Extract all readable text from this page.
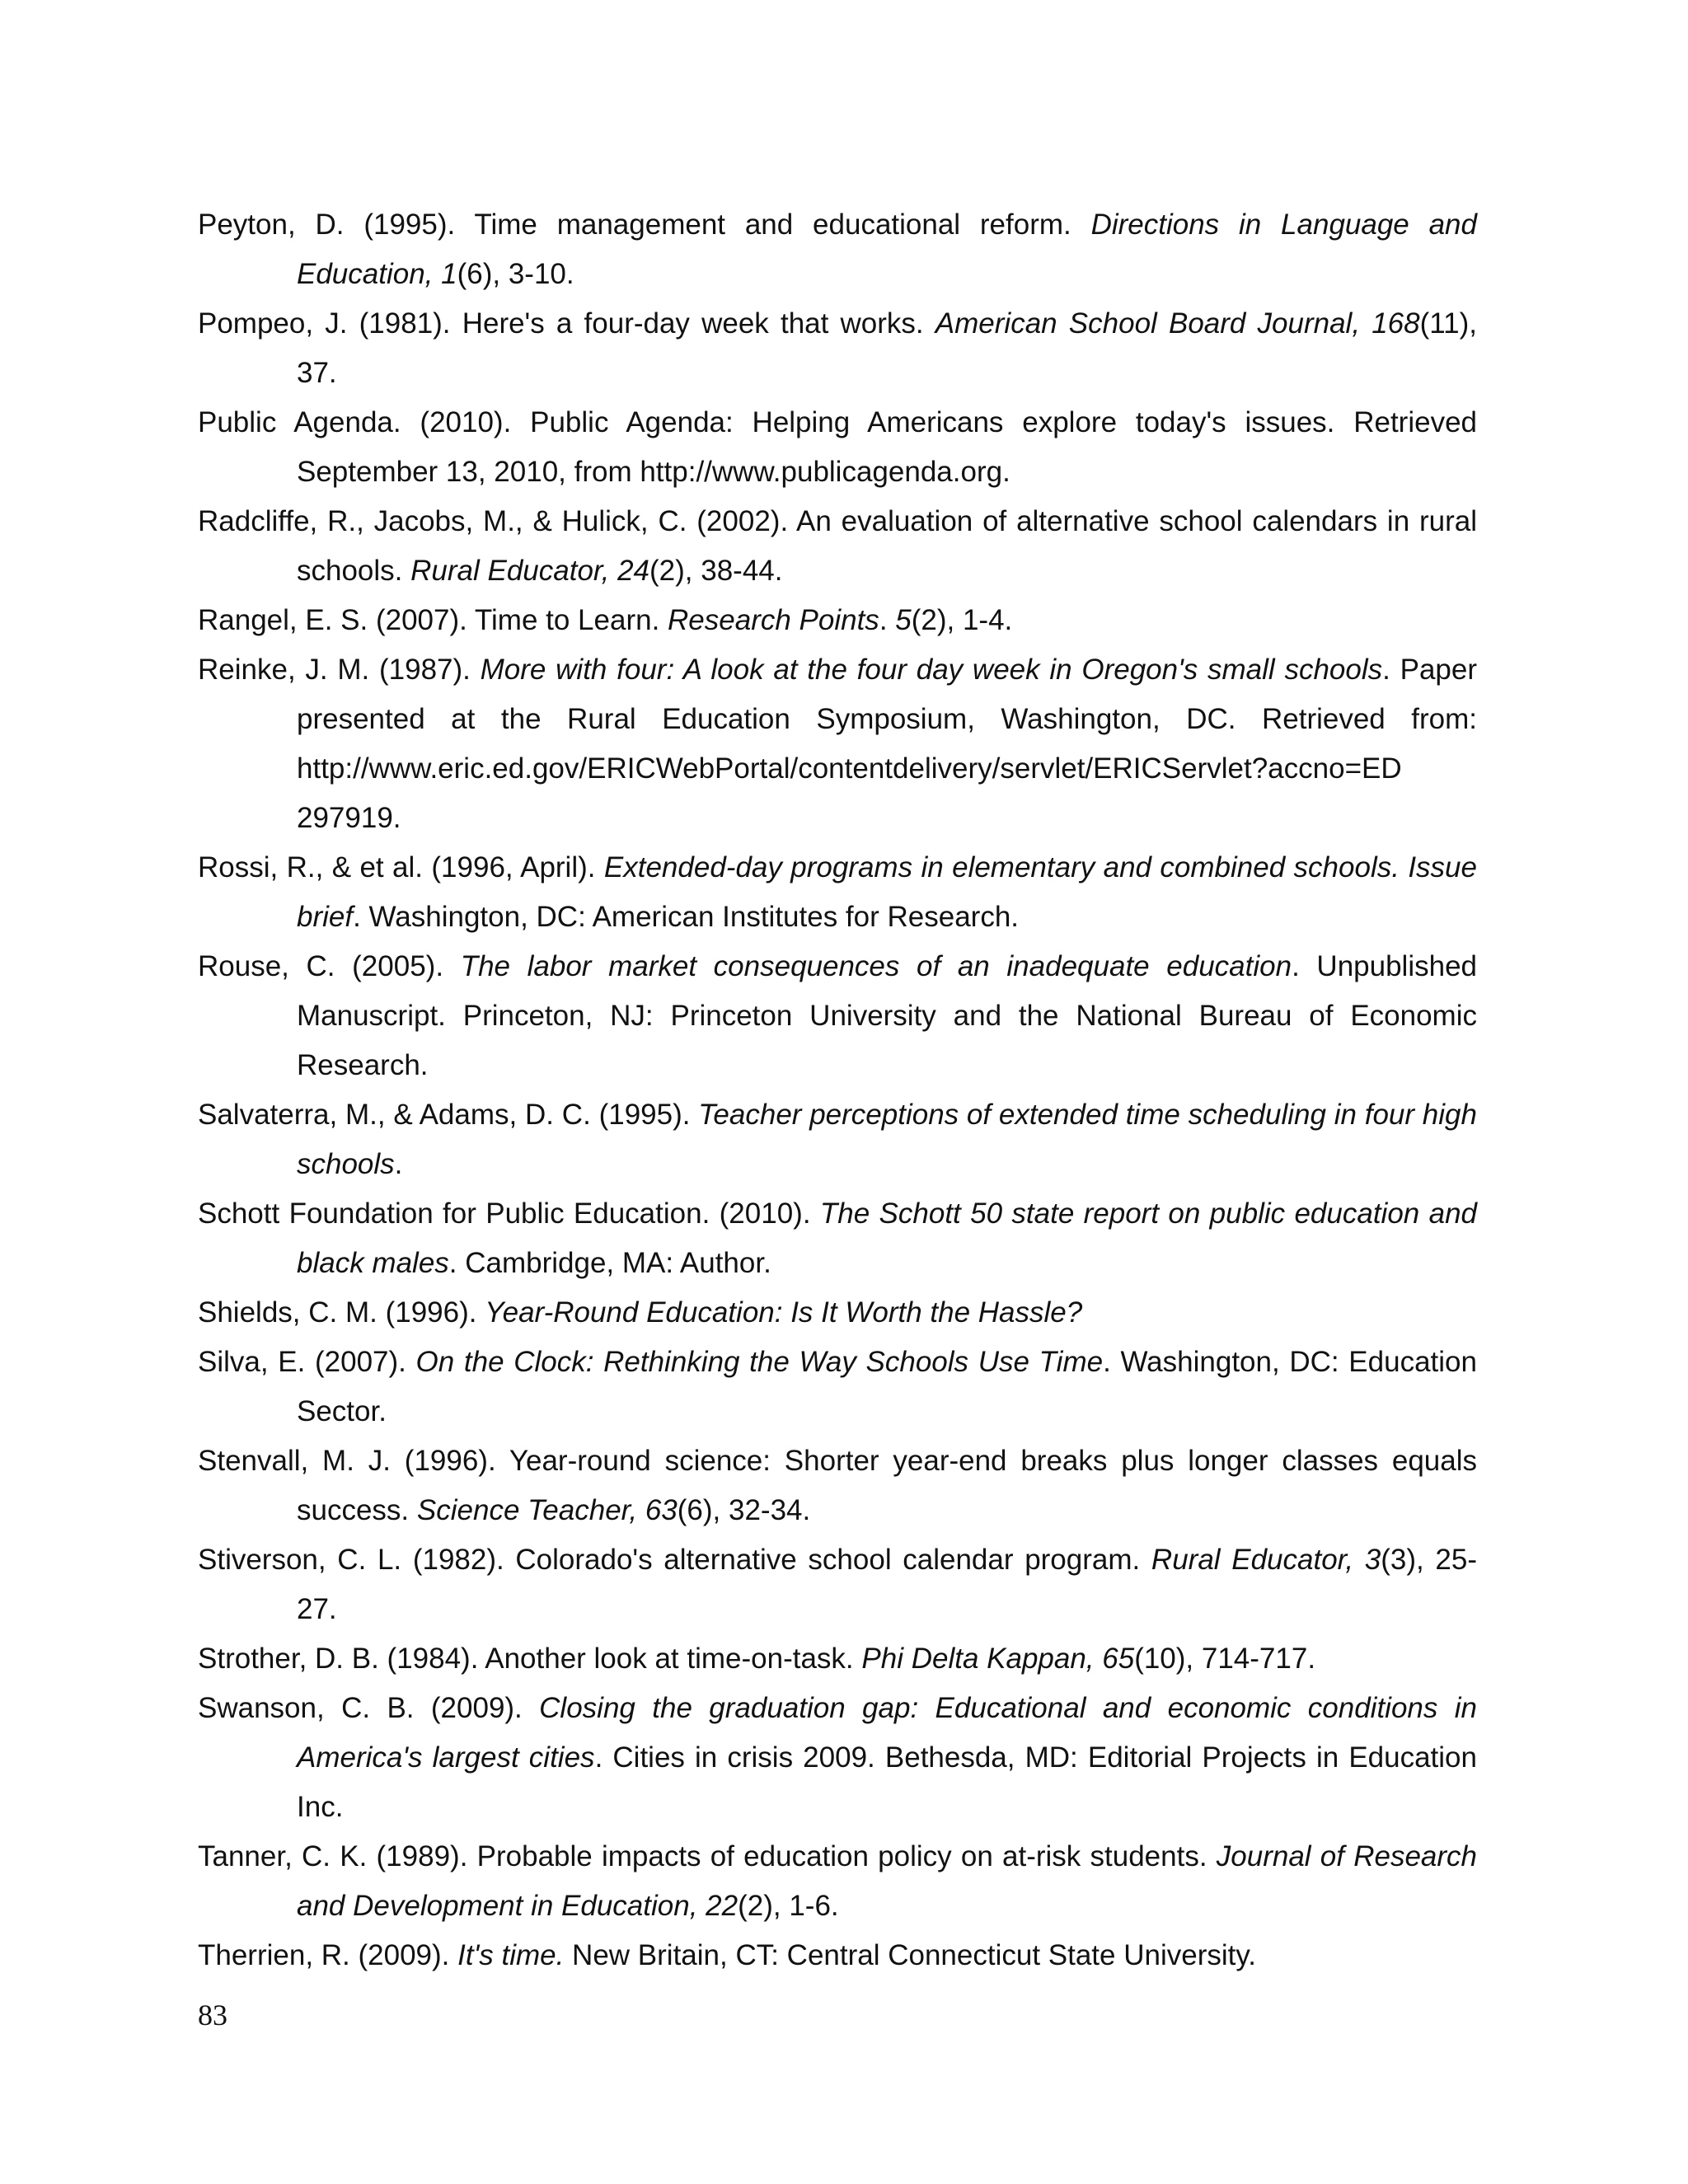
Peyton, D. (1995). Time management and educational reform. Directions in Language and Education, 1(6), 3-10.
Pompeo, J. (1981). Here's a four-day week that works. American School Board Journal, 168(11), 37.
Public Agenda. (2010). Public Agenda: Helping Americans explore today's issues. Retrieved September 13, 2010, from http://www.publicagenda.org.
Radcliffe, R., Jacobs, M., & Hulick, C. (2002). An evaluation of alternative school calendars in rural schools. Rural Educator, 24(2), 38-44.
Rangel, E. S. (2007). Time to Learn. Research Points. 5(2), 1-4.
Reinke, J. M. (1987). More with four: A look at the four day week in Oregon's small schools. Paper presented at the Rural Education Symposium, Washington, DC. Retrieved from: http://www.eric.ed.gov/ERICWebPortal/contentdelivery/servlet/ERICServlet?accno=ED 297919.
Rossi, R., & et al. (1996, April). Extended-day programs in elementary and combined schools. Issue brief. Washington, DC: American Institutes for Research.
Rouse, C. (2005). The labor market consequences of an inadequate education. Unpublished Manuscript. Princeton, NJ: Princeton University and the National Bureau of Economic Research.
Salvaterra, M., & Adams, D. C. (1995). Teacher perceptions of extended time scheduling in four high schools.
Schott Foundation for Public Education. (2010). The Schott 50 state report on public education and black males. Cambridge, MA: Author.
Shields, C. M. (1996). Year-Round Education: Is It Worth the Hassle?
Silva, E. (2007). On the Clock: Rethinking the Way Schools Use Time. Washington, DC: Education Sector.
Stenvall, M. J. (1996). Year-round science: Shorter year-end breaks plus longer classes equals success. Science Teacher, 63(6), 32-34.
Stiverson, C. L. (1982). Colorado's alternative school calendar program. Rural Educator, 3(3), 25-27.
Strother, D. B. (1984). Another look at time-on-task. Phi Delta Kappan, 65(10), 714-717.
Swanson, C. B. (2009). Closing the graduation gap: Educational and economic conditions in America's largest cities. Cities in crisis 2009. Bethesda, MD: Editorial Projects in Education Inc.
Tanner, C. K. (1989). Probable impacts of education policy on at-risk students. Journal of Research and Development in Education, 22(2), 1-6.
Therrien, R. (2009). It's time. New Britain, CT: Central Connecticut State University.
83
